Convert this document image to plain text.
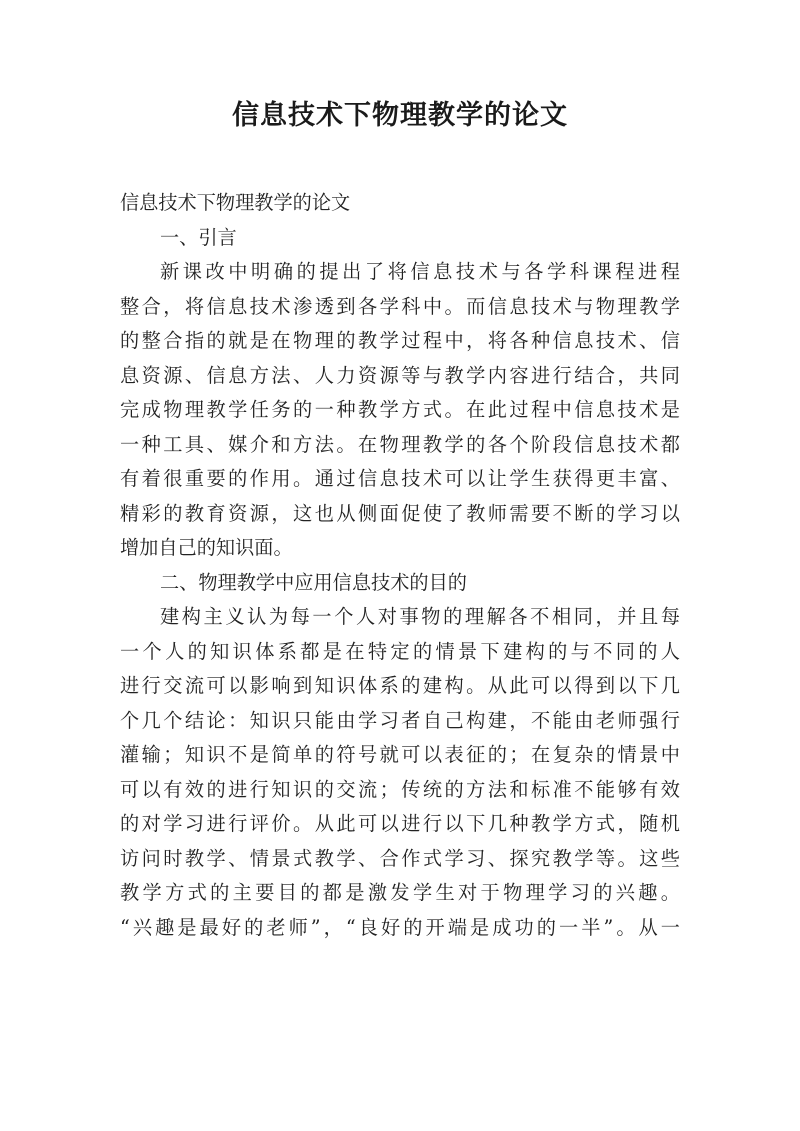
信息技术下物理教学的论文
信息技术下物理教学的论文
一、引言
新课改中明确的提出了将信息技术与各学科课程进程
整合，将信息技术渗透到各学科中。而信息技术与物理教学
的整合指的就是在物理的教学过程中，将各种信息技术、信
息资源、信息方法、人力资源等与教学内容进行结合，共同
完成物理教学任务的一种教学方式。在此过程中信息技术是
一种工具、媒介和方法。在物理教学的各个阶段信息技术都
有着很重要的作用。通过信息技术可以让学生获得更丰富、
精彩的教育资源，这也从侧面促使了教师需要不断的学习以
增加自己的知识面。
二、物理教学中应用信息技术的目的
建构主义认为每一个人对事物的理解各不相同，并且每
一个人的知识体系都是在特定的情景下建构的与不同的人
进行交流可以影响到知识体系的建构。从此可以得到以下几
个几个结论：知识只能由学习者自己构建，不能由老师强行
灌输；知识不是简单的符号就可以表征的；在复杂的情景中
可以有效的进行知识的交流；传统的方法和标准不能够有效
的对学习进行评价。从此可以进行以下几种教学方式，随机
访问时教学、情景式教学、合作式学习、探究教学等。这些
教学方式的主要目的都是激发学生对于物理学习的兴趣。
“兴趣是最好的老师”，“良好的开端是成功的一半”。从一
